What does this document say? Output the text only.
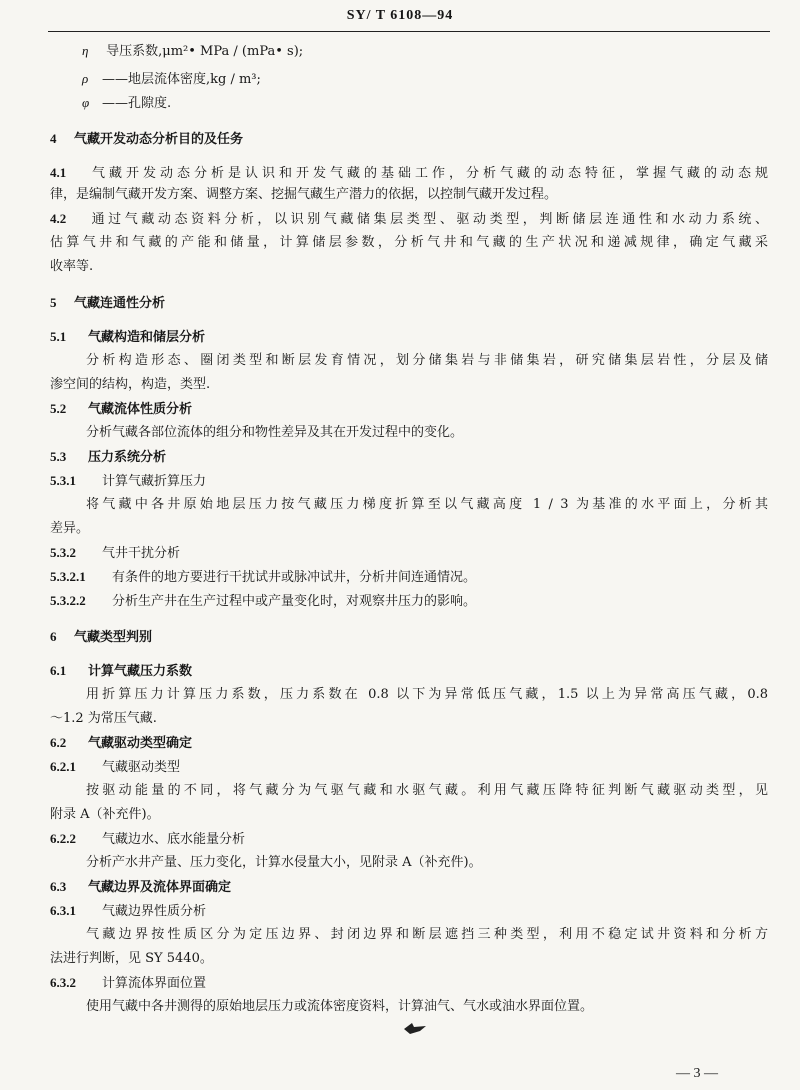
SY/ T 6108—94
η 导压系数,μm²• MPa / (mPa• s);
ρ ——地层流体密度,kg / m³;
φ ——孔隙度.
4 气藏开发动态分析目的及任务
4.1 气藏开发动态分析是认识和开发气藏的基础工作，分析气藏的动态特征，掌握气藏的动态规
律，是编制气藏开发方案、调整方案、挖掘气藏生产潜力的依据，以控制气藏开发过程。
4.2 通过气藏动态资料分析，以识别气藏储集层类型、驱动类型，判断储层连通性和水动力系统、
估算气井和气藏的产能和储量，计算储层参数，分析气井和气藏的生产状况和递减规律，确定气藏采
收率等.
5 气藏连通性分析
5.1 气藏构造和储层分析
分析构造形态、圈闭类型和断层发育情况，划分储集岩与非储集岩，研究储集层岩性，分层及储
渗空间的结构，构造，类型.
5.2 气藏流体性质分析
分析气藏各部位流体的组分和物性差异及其在开发过程中的变化。
5.3 压力系统分析
5.3.1 计算气藏折算压力
将气藏中各井原始地层压力按气藏压力梯度折算至以气藏高度 1 / 3 为基准的水平面上，分析其
差异。
5.3.2 气井干扰分析
5.3.2.1 有条件的地方要进行干扰试井或脉冲试井，分析井间连通情况。
5.3.2.2 分析生产井在生产过程中或产量变化时，对观察井压力的影响。
6 气藏类型判别
6.1 计算气藏压力系数
用折算压力计算压力系数，压力系数在 0.8 以下为异常低压气藏，1.5 以上为异常高压气藏，0.8
～1.2 为常压气藏.
6.2 气藏驱动类型确定
6.2.1 气藏驱动类型
按驱动能量的不同，将气藏分为气驱气藏和水驱气藏。利用气藏压降特征判断气藏驱动类型，见
附录 A（补充件)。
6.2.2 气藏边水、底水能量分析
分析产水井产量、压力变化，计算水侵量大小，见附录 A（补充件)。
6.3 气藏边界及流体界面确定
6.3.1 气藏边界性质分析
气藏边界按性质区分为定压边界、封闭边界和断层遮挡三种类型，利用不稳定试井资料和分析方
法进行判断，见 SY 5440。
6.3.2 计算流体界面位置
使用气藏中各井测得的原始地层压力或流体密度资料，计算油气、气水或油水界面位置。
— 3 —
